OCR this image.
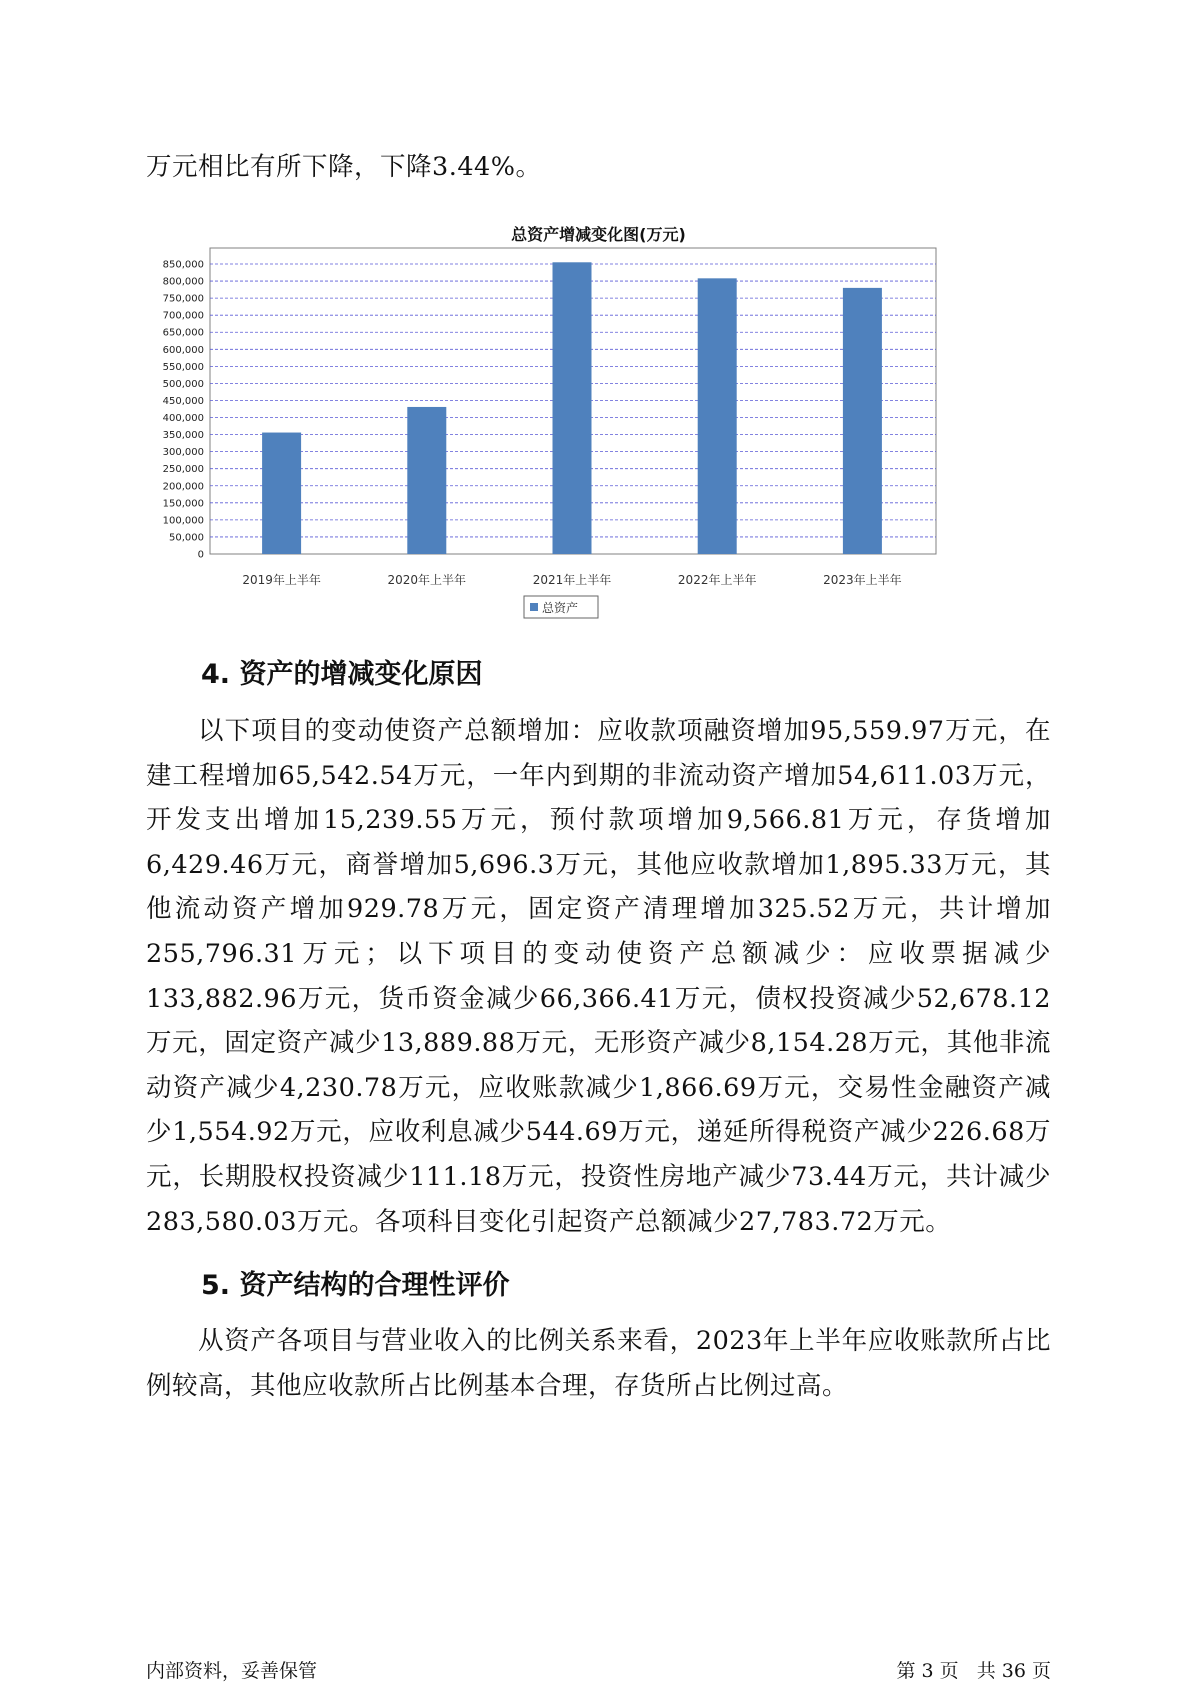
万元相比有所下降，下降3.44%。

总资产增减变化图(万元)
0
50,000
100,000
150,000
200,000
250,000
300,000
350,000
400,000
450,000
500,000
550,000
600,000
650,000
700,000
750,000
800,000
850,000
2019年上半年	2020年上半年	2021年上半年	2022年上半年	2023年上半年
总资产
4. 资产的增减变化原因

以下项目的变动使资产总额增加：应收款项融资增加95,559.97万元，在建工程增加65,542.54万元，一年内到期的非流动资产增加54,611.03万元，开发支出增加15,239.55万元，预付款项增加9,566.81万元，存货增加6,429.46万元，商誉增加5,696.3万元，其他应收款增加1,895.33万元，其他流动资产增加929.78万元，固定资产清理增加325.52万元，共计增加255,796.31万元；以下项目的变动使资产总额减少：应收票据减少133,882.96万元，货币资金减少66,366.41万元，债权投资减少52,678.12万元，固定资产减少13,889.88万元，无形资产减少8,154.28万元，其他非流动资产减少4,230.78万元，应收账款减少1,866.69万元，交易性金融资产减少1,554.92万元，应收利息减少544.69万元，递延所得税资产减少226.68万元，长期股权投资减少111.18万元，投资性房地产减少73.44万元，共计减少283,580.03万元。各项科目变化引起资产总额减少27,783.72万元。

5. 资产结构的合理性评价

从资产各项目与营业收入的比例关系来看，2023年上半年应收账款所占比例较高，其他应收款所占比例基本合理，存货所占比例过高。

内部资料，妥善保管	第 3 页   共 36 页
